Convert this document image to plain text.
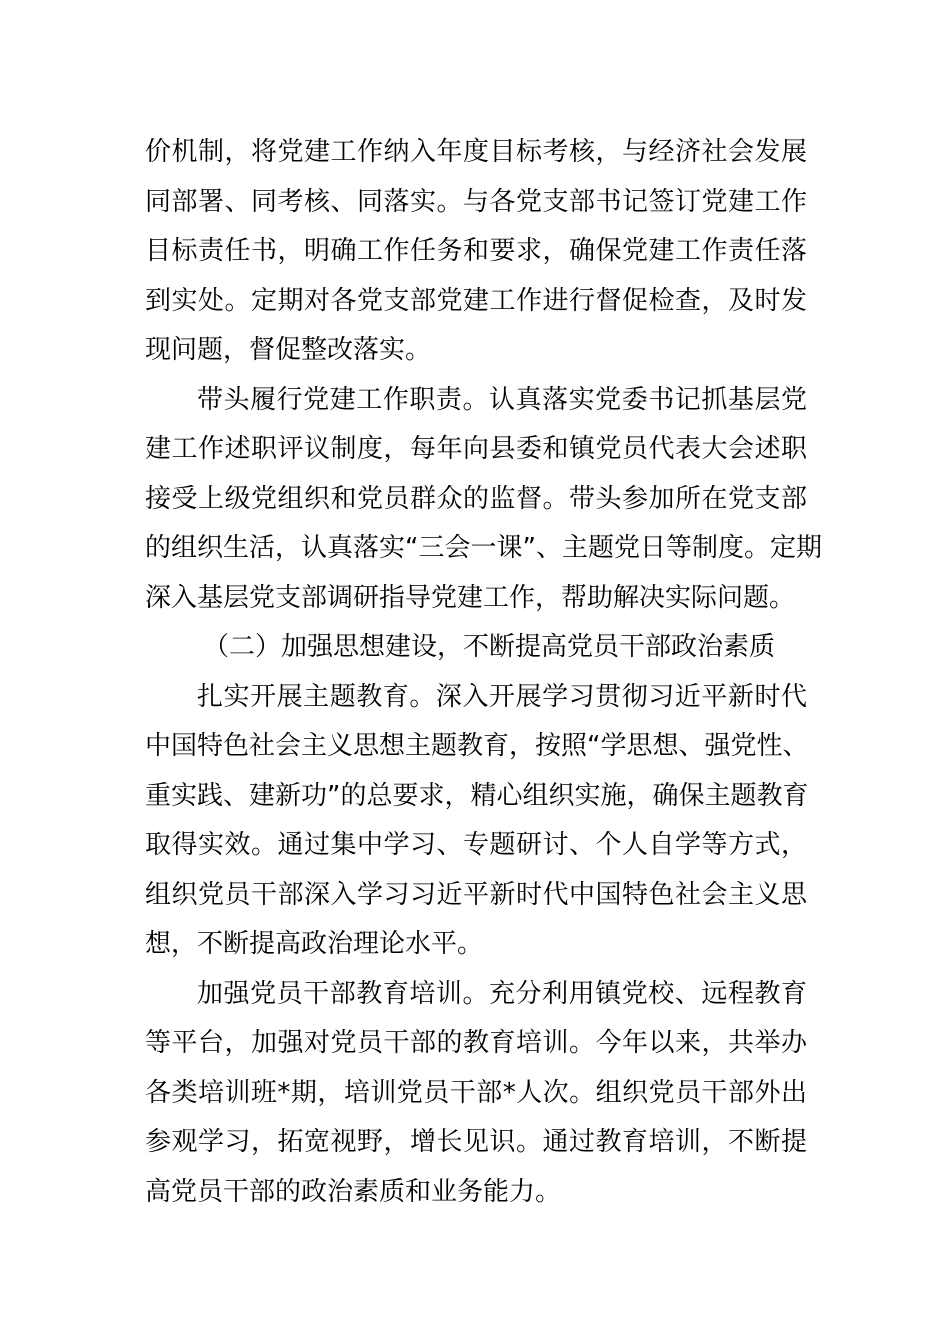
价机制，将党建工作纳入年度目标考核，与经济社会发展
同部署、同考核、同落实。与各党支部书记签订党建工作
目标责任书，明确工作任务和要求，确保党建工作责任落
到实处。定期对各党支部党建工作进行督促检查，及时发
现问题，督促整改落实。
带头履行党建工作职责。认真落实党委书记抓基层党
建工作述职评议制度，每年向县委和镇党员代表大会述职
接受上级党组织和党员群众的监督。带头参加所在党支部
的组织生活，认真落实“三会一课”、主题党日等制度。定期
深入基层党支部调研指导党建工作，帮助解决实际问题。
（二）加强思想建设，不断提高党员干部政治素质
扎实开展主题教育。深入开展学习贯彻习近平新时代
中国特色社会主义思想主题教育，按照“学思想、强党性、
重实践、建新功”的总要求，精心组织实施，确保主题教育
取得实效。通过集中学习、专题研讨、个人自学等方式，
组织党员干部深入学习习近平新时代中国特色社会主义思
想，不断提高政治理论水平。
加强党员干部教育培训。充分利用镇党校、远程教育
等平台，加强对党员干部的教育培训。今年以来，共举办
各类培训班*期，培训党员干部*人次。组织党员干部外出
参观学习，拓宽视野，增长见识。通过教育培训，不断提
高党员干部的政治素质和业务能力。
